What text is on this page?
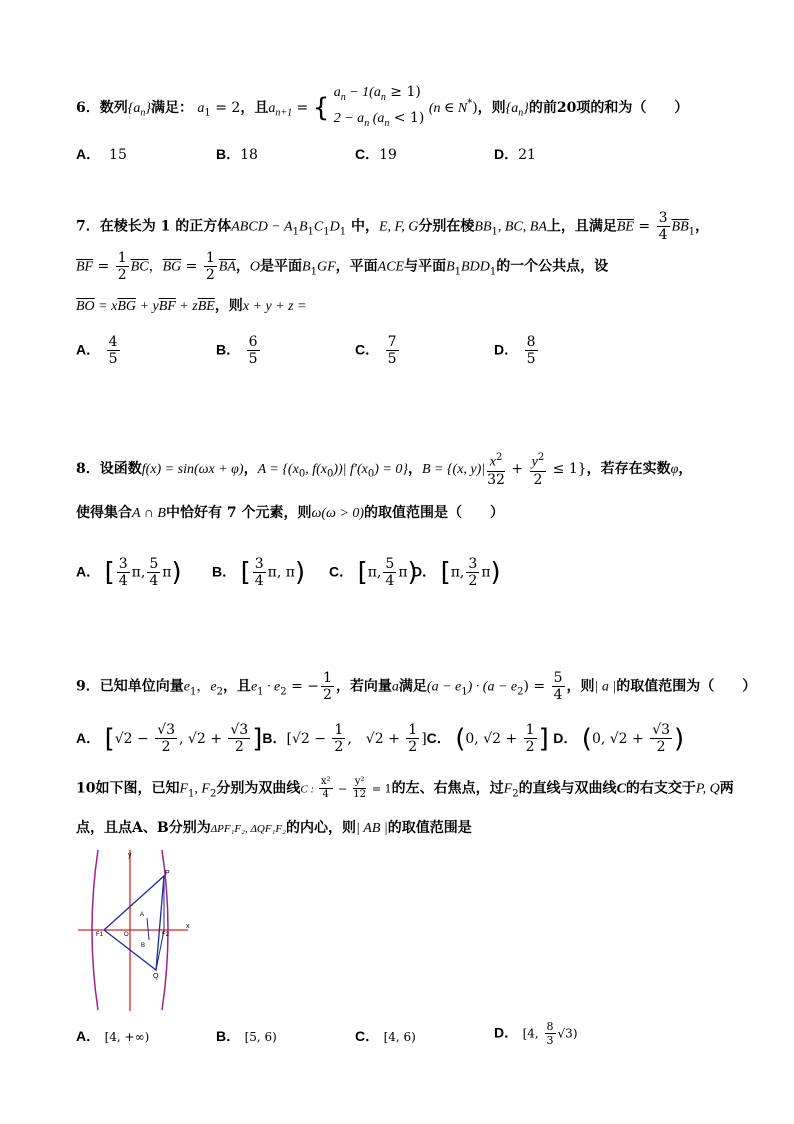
6．数列$\{a_n\}$满足： $a_1 = 2$，且$a_{n+1}$ = {
$a_n - 1(a_n \ge 1)$
$2 - a_n$ $(a_n < 1)$
(n ∈ N*)，则$\{a_n\}$的前20项的和为（　　）
A． 15	B．18	C．19	D．21
7．在棱长为 1 的正方体ABCD − $A_1B_1C_1D_1$ 中，E, F, G分别在棱$BB_1$, BC, BA上，且满足$\overline{BE} = \frac{3}{4} \overline{BB}_1$，
$\overline{BF} = \frac{1}{2} \overline{BC}$，$\overline{BG} = \frac{1}{2} \overline{BA}$，O是平面$B_1GF$，平面ACE与平面$B_1BDD_1$的一个公共点，设
$\overline{BO} = x\overline{BG} + y\overline{BF} + z\overline{BE}$，则x + y + z =
A． $\frac{4}{5}$	B． $\frac{6}{5}$	C． $\frac{7}{5}$	D． $\frac{8}{5}$
8．设函数f(x) = sin(ωx + φ)，$A = \{(x_0$, $f(x_0))|$ $f'(x_0) = 0$}，B = {(x, $y)| \frac{x^2}{32} + \frac{y^2}{2} \le 1$}，若存在实数φ，
使得集合A ∩ B中恰好有 7 个元素，则ω(ω > 0)的取值范围是（　　）
A． [ $\frac{3}{4} \pi$, $\frac{5}{4} \pi$) B． [ $\frac{3}{4} \pi$, π) C． [π, $\frac{5}{4} \pi$)
D． [π, $\frac{3}{2} \pi$)
9．已知单位向量$e_1$，$e_2$，且$e_1 \cdot e_2$ = − $\frac{1}{2}$ ，若向量a满足$(a - e_1) \cdot (a - e_2) = \frac{5}{4}$ ，则| a |的取值范围为（　　）
A． [$√2 - \frac{√3}{2}$ , $√2 + \frac{√3}{2} ]B$．[$√2 - \frac{1}{2}$ ,　$√2 + \frac{1}{2} ]C$． (0, $√2 + \frac{1}{2}$ ] D． (0, $√2 + \frac{√3}{2}$ )
10如下图，已知$F_1$, $F_2$分别为双曲线C : $\frac{\text{x²}}{4} - \frac{\text{y²}}{12} = 1$的左、右焦点，过$F_2$的直线与双曲线C的右支交于P, Q两
点，且点A、B分别为ΔPF₁F₂, ΔQF₁F₂的内心，则| AB |的取值范围是
y
x
P
Q
F1	F2
O
A
B
A． [4, +∞)	B． [5, 6)	C． [4, 6)	D． [4, $\frac{8}{3} √3$)
